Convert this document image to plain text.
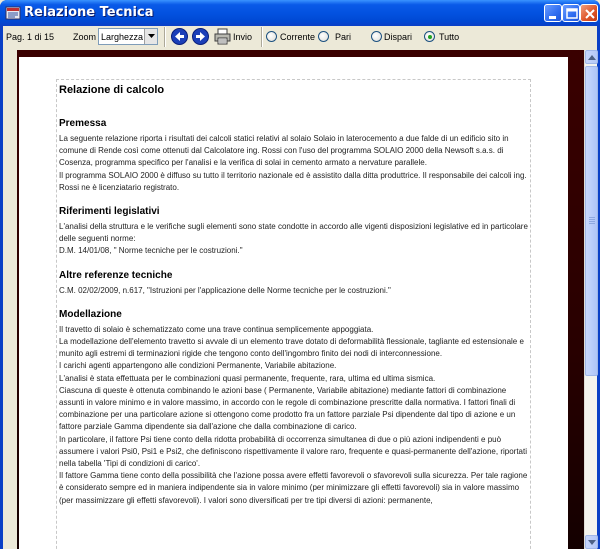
Relazione Tecnica
Pag. 1 di 15 Zoom Larghezza	Invio	Corrente Pari	Dispari	Tutto
Relazione di calcolo
Premessa

La seguente relazione riporta i risultati dei calcoli statici relativi al solaio Solaio in laterocemento a due falde di un edificio sito in comune di Rende così come ottenuti dal Calcolatore ing. Rossi con l'uso del programma SOLAIO 2000 della Newsoft s.a.s. di Cosenza, programma specifico per l'analisi e la verifica di solai in cemento armato a nervature parallele.

Il programma SOLAIO 2000 è diffuso su tutto il territorio nazionale ed è assistito dalla ditta produttrice. Il responsabile dei calcoli ing. Rossi ne è licenziatario registrato.

Riferimenti legislativi

L'analisi della struttura e le verifiche sugli elementi sono state condotte in accordo alle vigenti disposizioni legislative ed in particolare delle seguenti norme:

D.M. 14/01/08, " Norme tecniche per le costruzioni."

Altre referenze tecniche

C.M. 02/02/2009, n.617, "Istruzioni per l'applicazione delle Norme tecniche per le costruzioni."

Modellazione

Il travetto di solaio è schematizzato come una trave continua semplicemente appoggiata.

La modellazione dell'elemento travetto si avvale di un elemento trave dotato di deformabilità flessionale, tagliante ed estensionale e munito agli estremi di terminazioni rigide che tengono conto dell'ingombro finito dei nodi di interconnessione.

I carichi agenti appartengono alle condizioni Permanente, Variabile abitazione.

L'analisi è stata effettuata per le combinazioni quasi permanente, frequente, rara, ultima ed ultima sismica.

Ciascuna di queste è ottenuta combinando le azioni base ( Permanente, Variabile abitazione) mediante fattori di combinazione assunti in valore minimo e in valore massimo, in accordo con le regole di combinazione prescritte dalla normativa. I fattori finali di combinazione per una particolare azione si ottengono come prodotto fra un fattore parziale Psi dipendente dal tipo di azione e un fattore parziale Gamma dipendente sia dall'azione che dalla combinazione di carico.

In particolare, il fattore Psi tiene conto della ridotta probabilità di occorrenza simultanea di due o più azioni indipendenti e può assumere i valori Psi0, Psi1 e Psi2, che definiscono rispettivamente il valore raro, frequente e quasi-permanente dell'azione, riportati nella tabella 'Tipi di condizioni di carico'.

Il fattore Gamma tiene conto della possibilità che l'azione possa avere effetti favorevoli o sfavorevoli sulla sicurezza. Per tale ragione è considerato sempre ed in maniera indipendente sia in valore minimo (per minimizzare gli effetti favorevoli) sia in valore massimo (per massimizzare gli effetti sfavorevoli). I valori sono diversificati per tre tipi diversi di azioni: permanente,
